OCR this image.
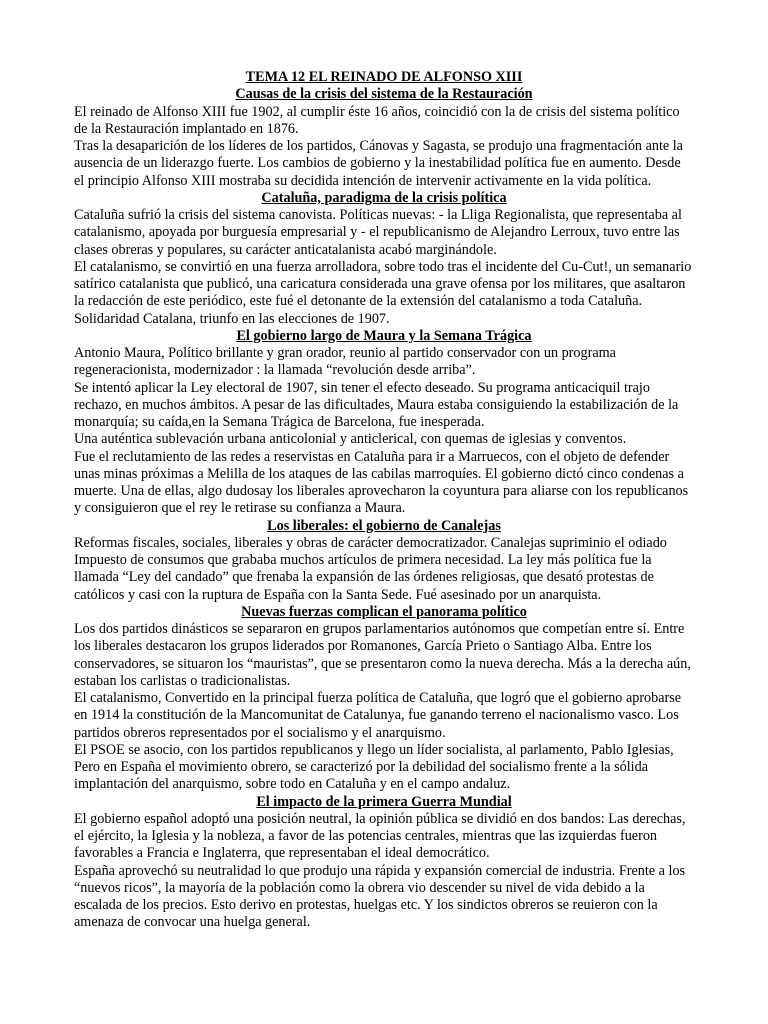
TEMA 12 EL REINADO DE ALFONSO XIII
Causas de la crisis del sistema de la Restauración

El reinado de Alfonso XIII fue 1902, al cumplir éste 16 años, coincidió con la de crisis del sistema político de la Restauración implantado en 1876.

Tras la desaparición de los líderes de los partidos, Cánovas y Sagasta, se produjo una fragmentación ante la ausencia de un liderazgo fuerte. Los cambios de gobierno y la inestabilidad política fue en aumento. Desde el principio Alfonso XIII mostraba su decidida intención de intervenir activamente en la vida política.

Cataluña, paradigma de la crisis política

Cataluña sufrió la crisis del sistema canovista. Políticas nuevas: - la Lliga Regionalista, que representaba al catalanismo, apoyada por burguesía empresarial y - el republicanismo de Alejandro Lerroux, tuvo entre las clases obreras y populares, su carácter anticatalanista acabó marginándole.

El catalanismo, se convirtió en una fuerza arrolladora, sobre todo tras el incidente del Cu-Cut!, un semanario satírico catalanista que publicó, una caricatura considerada una grave ofensa por los militares, que asaltaron la redacción de este periódico, este fué el detonante de la extensión del catalanismo a toda Cataluña. Solidaridad Catalana, triunfo en las elecciones de 1907.

El gobierno largo de Maura y la Semana Trágica

Antonio Maura, Político brillante y gran orador, reunio al partido conservador con un programa regeneracionista, modernizador : la llamada “revolución desde arriba”.

Se intentó aplicar la Ley electoral de 1907, sin tener el efecto deseado. Su programa anticaciquil trajo rechazo, en muchos ámbitos. A pesar de las dificultades, Maura estaba consiguiendo la estabilización de la monarquía; su caída,en la Semana Trágica de Barcelona, fue inesperada.

Una auténtica sublevación urbana anticolonial y anticlerical, con quemas de iglesias y conventos.

Fue el reclutamiento de las redes a reservistas en Cataluña para ir a Marruecos, con el objeto de defender unas minas próximas a Melilla de los ataques de las cabilas marroquíes. El gobierno dictó cinco condenas a muerte. Una de ellas, algo dudosay los liberales aprovecharon la coyuntura para aliarse con los republicanos y consiguieron que el rey le retirase su confianza a Maura.

Los liberales: el gobierno de Canalejas

Reformas fiscales, sociales, liberales y obras de carácter democratizador. Canalejas supriminio el odiado Impuesto de consumos que grababa muchos artículos de primera necesidad. La ley más política fue la llamada “Ley del candado” que frenaba la expansión de las órdenes religiosas, que desató protestas de católicos y casi con la ruptura de España con la Santa Sede. Fué asesinado por un anarquista.

Nuevas fuerzas complican el panorama político

Los dos partidos dinásticos se separaron en grupos parlamentarios autónomos que competían entre sí. Entre los liberales destacaron los grupos liderados por Romanones, García Prieto o Santiago Alba. Entre los conservadores, se situaron los “mauristas”, que se presentaron como la nueva derecha. Más a la derecha aún, estaban los carlistas o tradicionalistas.

El catalanismo, Convertido en la principal fuerza política de Cataluña, que logró que el gobierno aprobarse en 1914 la constitución de la Mancomunitat de Catalunya, fue ganando terreno el nacionalismo vasco. Los partidos obreros representados por el socialismo y el anarquismo.

El PSOE se asocio, con los partidos republicanos y llego un líder socialista, al parlamento, Pablo Iglesias, Pero en España el movimiento obrero, se caracterizó por la debilidad del socialismo frente a la sólida implantación del anarquismo, sobre todo en Cataluña y en el campo andaluz.

El impacto de la primera Guerra Mundial

El gobierno español adoptó una posición neutral, la opinión pública se dividió en dos bandos: Las derechas, el ejército, la Iglesia y la nobleza, a favor de las potencias centrales, mientras que las izquierdas fueron favorables a Francia e Inglaterra, que representaban el ideal democrático.

España aprovechó su neutralidad lo que produjo una rápida y expansión comercial de industria. Frente a los “nuevos ricos”, la mayoría de la población como la obrera vio descender su nivel de vida debido a la escalada de los precios. Esto derivo en protestas, huelgas etc. Y los sindictos obreros se reuieron con la amenaza de convocar una huelga general.
